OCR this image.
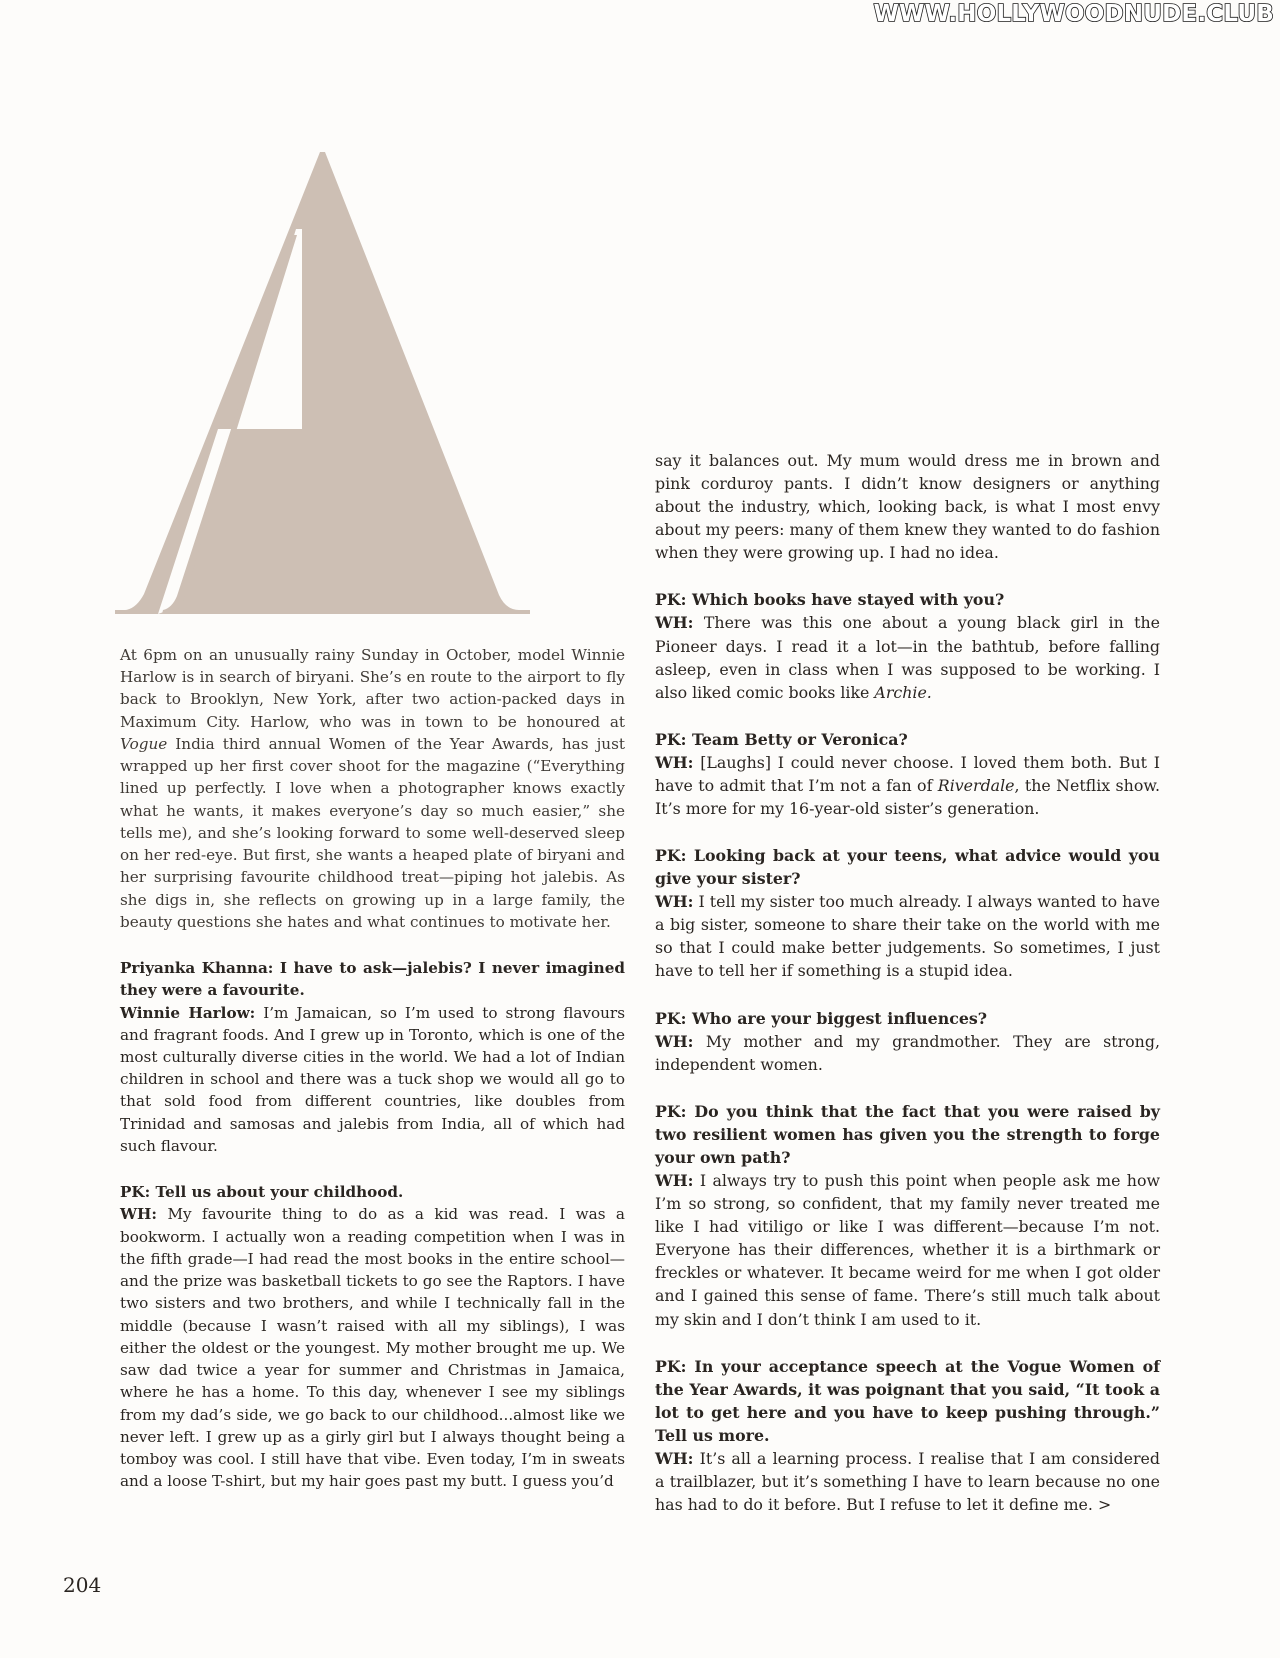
WWW.HOLLYWOODNUDE.CLUB

At 6pm on an unusually rainy Sunday in October, model Winnie Harlow is in search of biryani. She’s en route to the airport to fly back to Brooklyn, New York, after two action-packed days in Maximum City. Harlow, who was in town to be honoured at Vogue India third annual Women of the Year Awards, has just wrapped up her first cover shoot for the magazine (“Everything lined up perfectly. I love when a photographer knows exactly what he wants, it makes everyone’s day so much easier,” she tells me), and she’s looking forward to some well-deserved sleep on her red-eye. But first, she wants a heaped plate of biryani and her surprising favourite childhood treat—piping hot jalebis. As she digs in, she reflects on growing up in a large family, the beauty questions she hates and what continues to motivate her.

Priyanka Khanna: I have to ask—jalebis? I never imagined they were a favourite.

Winnie Harlow: I’m Jamaican, so I’m used to strong flavours and fragrant foods. And I grew up in Toronto, which is one of the most culturally diverse cities in the world. We had a lot of Indian children in school and there was a tuck shop we would all go to that sold food from different countries, like doubles from Trinidad and samosas and jalebis from India, all of which had such flavour.

PK: Tell us about your childhood.

WH: My favourite thing to do as a kid was read. I was a bookworm. I actually won a reading competition when I was in the fifth grade—I had read the most books in the entire school—and the prize was basketball tickets to go see the Raptors. I have two sisters and two brothers, and while I technically fall in the middle (because I wasn’t raised with all my siblings), I was either the oldest or the youngest. My mother brought me up. We saw dad twice a year for summer and Christmas in Jamaica, where he has a home. To this day, whenever I see my siblings from my dad’s side, we go back to our childhood...almost like we never left. I grew up as a girly girl but I always thought being a tomboy was cool. I still have that vibe. Even today, I’m in sweats and a loose T-shirt, but my hair goes past my butt. I guess you’d

say it balances out. My mum would dress me in brown and pink corduroy pants. I didn’t know designers or anything about the industry, which, looking back, is what I most envy about my peers: many of them knew they wanted to do fashion when they were growing up. I had no idea.

PK: Which books have stayed with you?

WH: There was this one about a young black girl in the Pioneer days. I read it a lot—in the bathtub, before falling asleep, even in class when I was supposed to be working. I also liked comic books like Archie.

PK: Team Betty or Veronica?

WH: [Laughs] I could never choose. I loved them both. But I have to admit that I’m not a fan of Riverdale, the Netflix show. It’s more for my 16-year-old sister’s generation.

PK: Looking back at your teens, what advice would you give your sister?

WH: I tell my sister too much already. I always wanted to have a big sister, someone to share their take on the world with me so that I could make better judgements. So sometimes, I just have to tell her if something is a stupid idea.

PK: Who are your biggest influences?

WH: My mother and my grandmother. They are strong, independent women.

PK: Do you think that the fact that you were raised by two resilient women has given you the strength to forge your own path?

WH: I always try to push this point when people ask me how I’m so strong, so confident, that my family never treated me like I had vitiligo or like I was different—because I’m not. Everyone has their differences, whether it is a birthmark or freckles or whatever. It became weird for me when I got older and I gained this sense of fame. There’s still much talk about my skin and I don’t think I am used to it.

PK: In your acceptance speech at the Vogue Women of the Year Awards, it was poignant that you said, “It took a lot to get here and you have to keep pushing through.” Tell us more.

WH: It’s all a learning process. I realise that I am considered a trailblazer, but it’s something I have to learn because no one has had to do it before. But I refuse to let it define me. >

204
